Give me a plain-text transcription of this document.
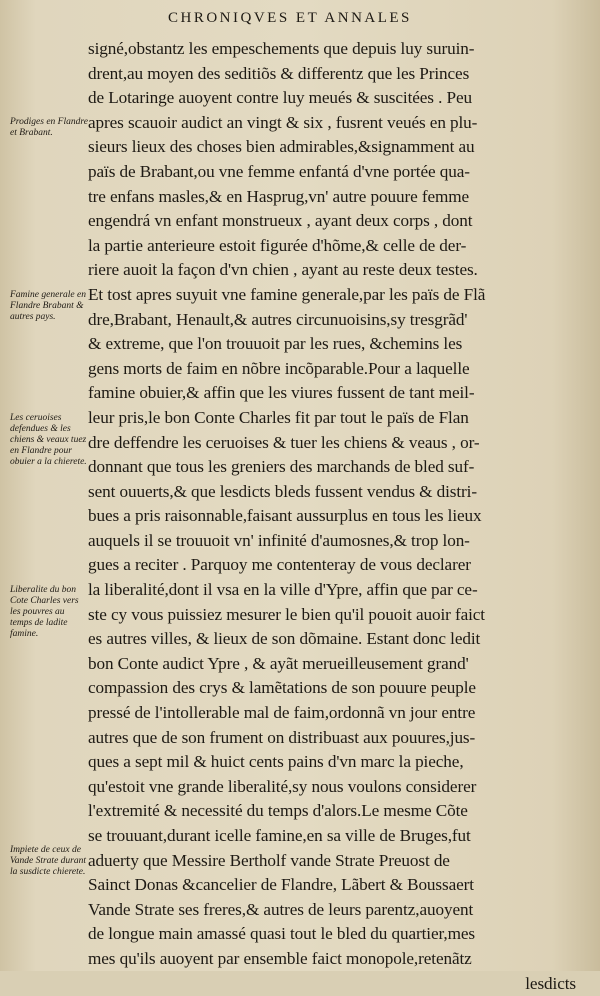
CHRONIQVES ET ANNALES
Prodiges en Flandre et Brabant.
Famine generale en Flandre Brabant & autres pays.
Les ceruoises defendues & les chiens & veaux tuez en Flandre pour obuier a la chierete.
Liberalite du bon Cote Charles vers les pouvres au temps de ladite famine.
Impiete de ceux de Vande Strate durant la susdicte chierete.
signé,obstantz les empeschements que depuis luy suruin-
drent,au moyen des seditiõs & differentz que les Princes
de Lotaringe auoyent contre luy meués & suscitées . Peu
apres scauoir audict an vingt & six , fusrent veués en plu-
sieurs lieux des choses bien admirables,&signamment au
païs de Brabant,ou vne femme enfantá d'vne portée qua-
tre enfans masles,& en Hasprug,vn' autre pouure femme
engendrá vn enfant monstrueux , ayant deux corps , dont
la partie anterieure estoit figurée d'hõme,& celle de der-
riere auoit la façon d'vn chien , ayant au reste deux testes.
Et tost apres suyuit vne famine generale,par les païs de Flã
dre,Brabant, Henault,& autres circunuoisins,sy tresgrãd'
& extreme, que l'on trouuoit par les rues, &chemins les
gens morts de faim en nõbre incõparable.Pour a laquelle
famine obuier,& affin que les viures fussent de tant meil-
leur pris,le bon Conte Charles fit par tout le païs de Flan
dre deffendre les ceruoises & tuer les chiens & veaus , or-
donnant que tous les greniers des marchands de bled suf-
sent ouuerts,& que lesdicts bleds fussent vendus & distri-
bues a pris raisonnable,faisant aussurplus en tous les lieux
auquels il se trouuoit vn' infinité d'aumosnes,& trop lon-
gues a reciter . Parquoy me contenteray de vous declarer
la liberalité,dont il vsa en la ville d'Ypre, affin que par ce-
ste cy vous puissiez mesurer le bien qu'il pouoit auoir faict
es autres villes, & lieux de son dõmaine. Estant donc ledit
bon Conte audict Ypre , & ayãt merueilleusement grand'
compassion des crys & lamẽtations de son pouure peuple
pressé de l'intollerable mal de faim,ordonnã vn jour entre
autres que de son frument on distribuast aux pouures,jus-
ques a sept mil & huict cents pains d'vn marc la pieche,
qu'estoit vne grande liberalité,sy nous voulons considerer
l'extremité & necessité du temps d'alors.Le mesme Cõte
se trouuant,durant icelle famine,en sa ville de Bruges,fut
aduerty que Messire Bertholf vande Strate Preuost de
Sainct Donas &cancelier de Flandre, Lãbert & Boussaert
Vande Strate ses freres,& autres de leurs parentz,auoyent
de longue main amassé quasi tout le bled du quartier,mes
mes qu'ils auoyent par ensemble faict monopole,retenãtz
lesdicts
